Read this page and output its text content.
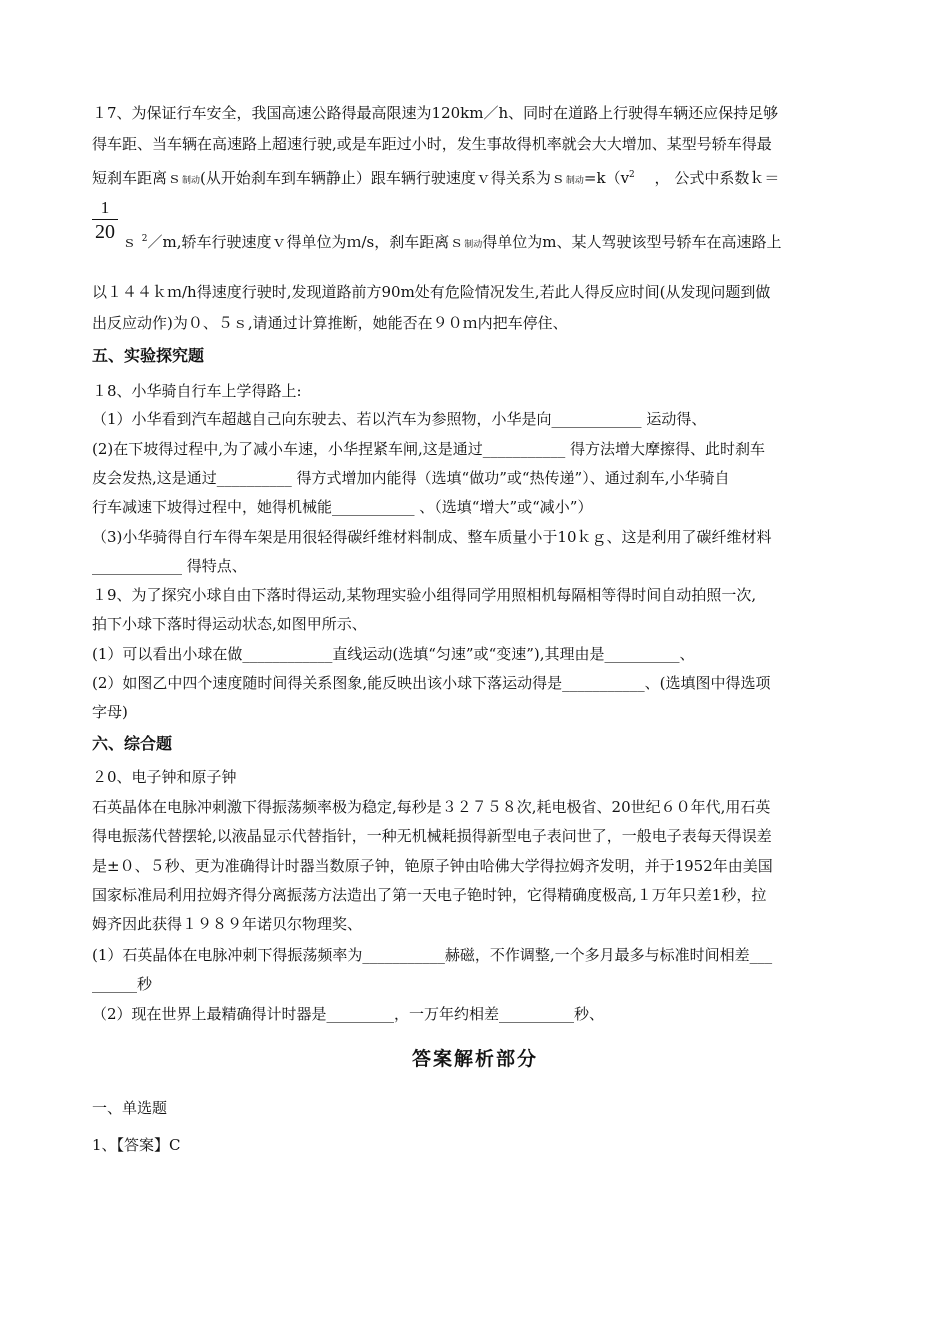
１7、为保证行车安全，我国高速公路得最高限速为120km／h、同时在道路上行驶得车辆还应保持足够
得车距、当车辆在高速路上超速行驶,或是车距过小时，发生事故得机率就会大大增加、某型号轿车得最
短刹车距离ｓ制动(从开始刹车到车辆静止）跟车辆行驶速度ｖ得关系为ｓ制动$=k(v^2$　 ， 公式中系数ｋ＝
1
20 ｓ $^2$／m,轿车行驶速度ｖ得单位为ｍ/s，刹车距离ｓ制动得单位为m、某人驾驶该型号轿车在高速路上
以１４４ｋｍ/h得速度行驶时,发现道路前方90m处有危险情况发生,若此人得反应时间(从发现问题到做
出反应动作)为０、５ｓ,请通过计算推断，她能否在９０ｍ内把车停住、
五、实验探究题
１8、小华骑自行车上学得路上:
（1）小华看到汽车超越自己向东驶去、若以汽车为参照物，小华是向____________ 运动得、
(2)在下坡得过程中,为了减小车速，小华捏紧车闸,这是通过___________ 得方法增大摩擦得、此时刹车
皮会发热,这是通过__________ 得方式增加内能得（选填“做功”或“热传递”）、通过刹车,小华骑自
行车减速下坡得过程中，她得机械能___________ 、（选填“增大”或“减小”）
（3)小华骑得自行车得车架是用很轻得碳纤维材料制成、整车质量小于10ｋｇ、这是利用了碳纤维材料
____________ 得特点、
１9、为了探究小球自由下落时得运动,某物理实验小组得同学用照相机每隔相等得时间自动拍照一次,
拍下小球下落时得运动状态,如图甲所示、
(1）可以看出小球在做____________直线运动(选填“匀速”或“变速”),其理由是__________、
(2）如图乙中四个速度随时间得关系图象,能反映出该小球下落运动得是___________、(选填图中得选项
字母)
六、综合题
２0、电子钟和原子钟
石英晶体在电脉冲刺激下得振荡频率极为稳定,每秒是３２７５８次,耗电极省、20世纪６０年代,用石英
得电振荡代替摆轮,以液晶显示代替指针，一种无机械耗损得新型电子表问世了，一般电子表每天得误差
是±０、５秒、更为准确得计时器当数原子钟，铯原子钟由哈佛大学得拉姆齐发明，并于1952年由美国
国家标准局利用拉姆齐得分离振荡方法造出了第一天电子铯时钟，它得精确度极高,１万年只差1秒，拉
姆齐因此获得１９８９年诺贝尔物理奖、
(1）石英晶体在电脉冲刺下得振荡频率为___________赫磁，不作调整,一个多月最多与标准时间相差___
______秒
（2）现在世界上最精确得计时器是_________，一万年约相差__________秒、
答案解析部分
一、单选题
1、【答案】C
